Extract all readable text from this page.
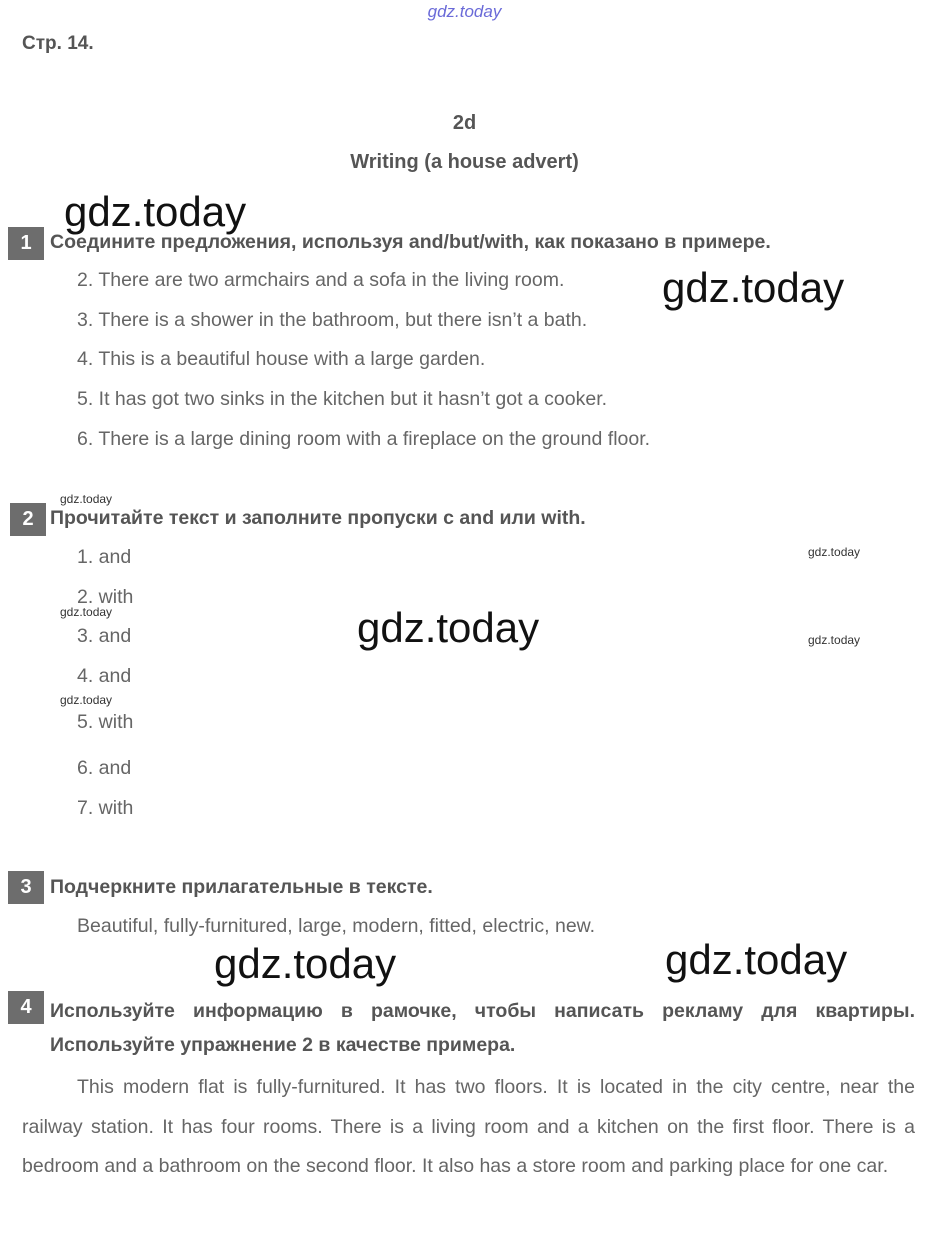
gdz.today
Стр. 14.
2d
Writing (a house advert)
1 Соедините предложения, используя and/but/with, как показано в примере.
2. There are two armchairs and a sofa in the living room.
3. There is a shower in the bathroom, but there isn’t a bath.
4. This is a beautiful house with a large garden.
5. It has got two sinks in the kitchen but it hasn’t got a cooker.
6. There is a large dining room with a fireplace on the ground floor.
2 Прочитайте текст и заполните пропуски с and или with.
1. and
2. with
3. and
4. and
5. with
6. and
7. with
3 Подчеркните прилагательные в тексте.
Beautiful, fully-furnitured, large, modern, fitted, electric, new.
4 Используйте информацию в рамочке, чтобы написать рекламу для квартиры. Используйте упражнение 2 в качестве примера.
This modern flat is fully-furnitured. It has two floors. It is located in the city centre, near the railway station. It has four rooms. There is a living room and a kitchen on the first floor. There is a bedroom and a bathroom on the second floor. It also has a store room and parking place for one car.
gdz.today
gdz.today
gdz.today
gdz.today	gdz.today
gdz.today
gdz.today
gdz.today
gdz.today
gdz.today
